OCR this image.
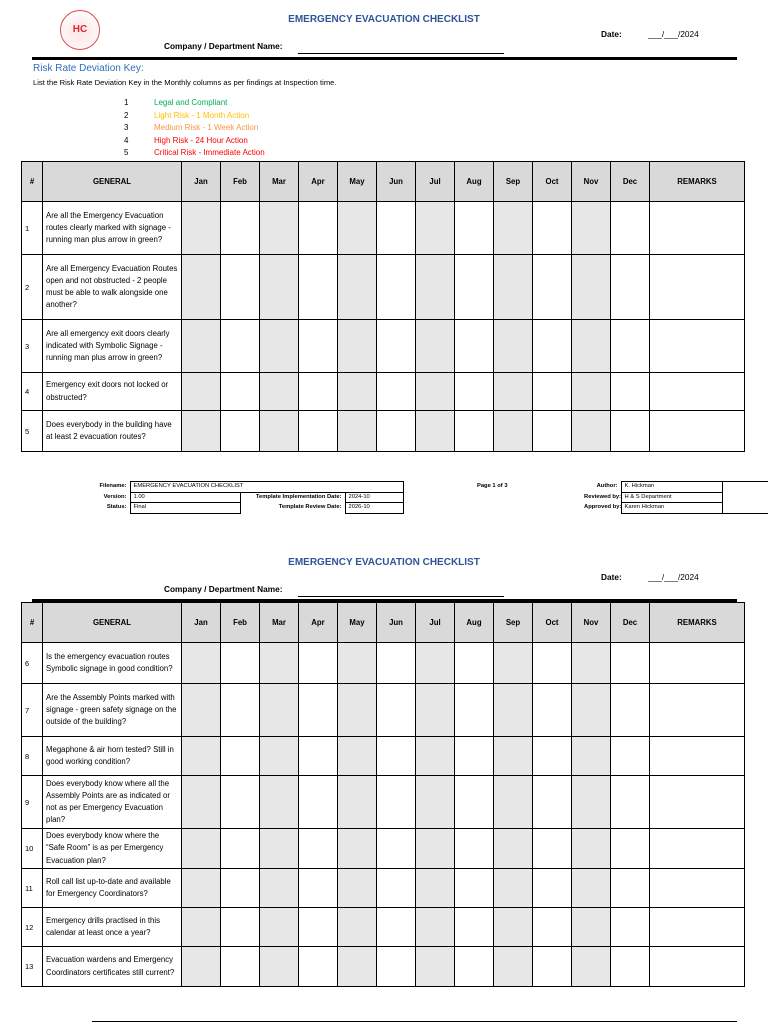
HC
EMERGENCY EVACUATION CHECKLIST
Company / Department Name:
Date:	___/___/2024
Risk Rate Deviation Key:
List the Risk Rate Deviation Key in the Monthly columns as per findings at Inspection time.
1	Legal and Compliant
2	Light Risk - 1 Month Action
3	Medium Risk - 1 Week Action
4	High Risk - 24 Hour Action
5	Critical Risk - Immediate Action
#	GENERAL	Jan	Feb	Mar	Apr	May	Jun	Jul	Aug	Sep	Oct	Nov	Dec	REMARKS
1	Are all the Emergency Evacuation routes clearly marked with signage - running man plus arrow in green?													
2	Are all Emergency Evacuation Routes open and not obstructed - 2 people must be able to walk alongside one another?													
3	Are all emergency exit doors clearly indicated with Symbolic Signage - running man plus arrow in green?													
4	Emergency exit doors not locked or obstructed?													
5	Does everybody in the building have at least 2 evacuation routes?													
Filename:	EMERGENCY EVACUATION CHECKLIST			Page 1 of 3	Author:	K. Hickman	
Version:	1.00	Template Implementation Date:	2024-10		Reviewed by:	H & S Department	
Status:	Final	Template Review Date:	2026-10		Approved by:	Karen Hickman	
EMERGENCY EVACUATION CHECKLIST
Company / Department Name:
Date:	___/___/2024
#	GENERAL	Jan	Feb	Mar	Apr	May	Jun	Jul	Aug	Sep	Oct	Nov	Dec	REMARKS
6	Is the emergency evacuation routes Symbolic signage in good condition?													
7	Are the Assembly Points marked with signage - green safety signage on the outside of the building?													
8	Megaphone & air horn tested? Still in good working condition?													
9	Does everybody know where all the Assembly Points are as indicated or not as per Emergency Evacuation plan?													
10	Does everybody know where the “Safe Room” is as per Emergency Evacuation plan?													
11	Roll call list up-to-date and available for Emergency Coordinators?													
12	Emergency drills practised in this calendar at least once a year?													
13	Evacuation wardens and Emergency Coordinators certificates still current?													
